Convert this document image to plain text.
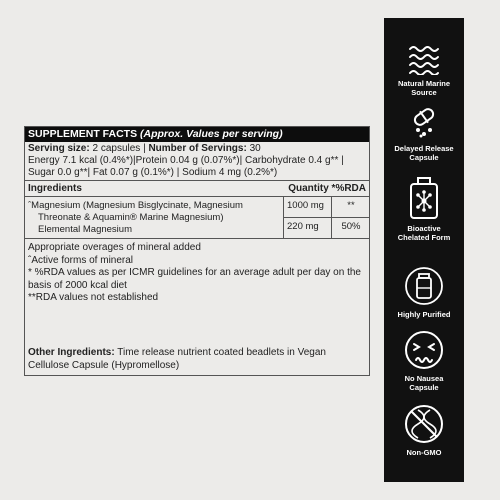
SUPPLEMENT FACTS (Approx. Values per serving)
Serving size: 2 capsules | Number of Servings: 30
Energy 7.1 kcal (0.4%*)|Protein 0.04 g (0.07%*)| Carbohydrate 0.4 g** |
Sugar 0.0 g**| Fat 0.07 g (0.1%*) | Sodium 4 mg (0.2%*)
Ingredients	Quantity *%RDA
ˆMagnesium (Magnesium Bisglycinate, Magnesium
Threonate & Aquamin® Marine Magnesium)
Elemental Magnesium
1000 mg
220 mg
**
50%
Appropriate overages of mineral added
ˆActive forms of mineral
* %RDA values as per ICMR guidelines for an average adult per day on the
basis of 2000 kcal diet
**RDA values not established
Other Ingredients: Time release nutrient coated beadlets in Vegan
Cellulose Capsule (Hypromellose)
Natural Marine
Source
Delayed Release
Capsule
Bioactive
Chelated Form
Highly Purified
No Nausea
Capsule
Non-GMO
